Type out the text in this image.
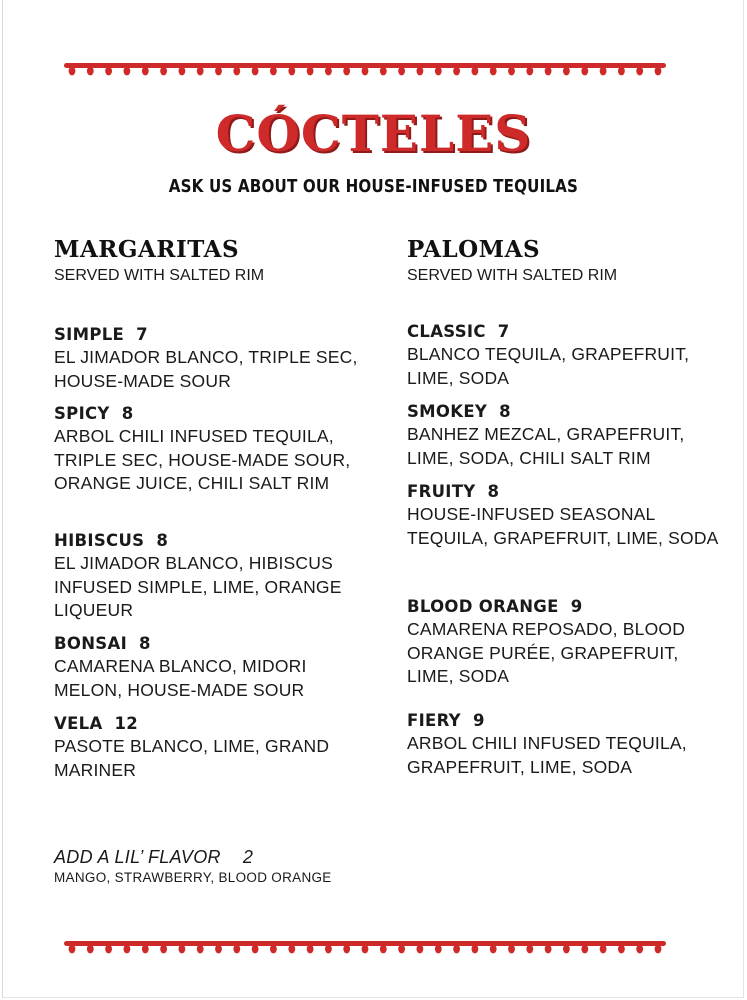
CÓCTELES
ASK US ABOUT OUR HOUSE-INFUSED TEQUILAS
MARGARITAS

SERVED WITH SALTED RIM

SIMPLE 7
EL JIMADOR BLANCO, TRIPLE SEC, HOUSE-MADE SOUR
SPICY 8
ARBOL CHILI INFUSED TEQUILA, TRIPLE SEC, HOUSE-MADE SOUR, ORANGE JUICE, CHILI SALT RIM
HIBISCUS 8
EL JIMADOR BLANCO, HIBISCUS INFUSED SIMPLE, LIME, ORANGE LIQUEUR
BONSAI 8
CAMARENA BLANCO, MIDORI MELON, HOUSE-MADE SOUR
VELA 12
PASOTE BLANCO, LIME, GRAND MARINER
PALOMAS

SERVED WITH SALTED RIM

CLASSIC 7
BLANCO TEQUILA, GRAPEFRUIT, LIME, SODA
SMOKEY 8
BANHEZ MEZCAL, GRAPEFRUIT, LIME, SODA, CHILI SALT RIM
FRUITY 8
HOUSE-INFUSED SEASONAL TEQUILA, GRAPEFRUIT, LIME, SODA
BLOOD ORANGE 9
CAMARENA REPOSADO, BLOOD ORANGE PURÉE, GRAPEFRUIT, LIME, SODA
FIERY 9
ARBOL CHILI INFUSED TEQUILA, GRAPEFRUIT, LIME, SODA
ADD A LIL’ FLAVOR 2
MANGO, STRAWBERRY, BLOOD ORANGE
